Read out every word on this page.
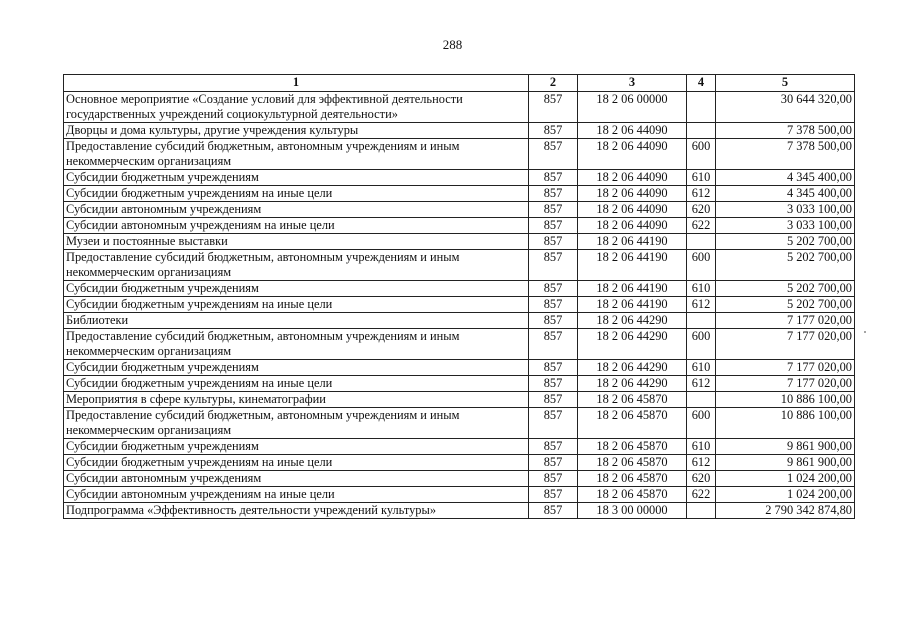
288
1	2	3	4	5
Основное мероприятие «Создание условий для эффективной деятельности государственных учреждений социокультурной деятельности»	857	18 2 06 00000		30 644 320,00
Дворцы и дома культуры, другие учреждения культуры	857	18 2 06 44090		7 378 500,00
Предоставление субсидий бюджетным, автономным учреждениям и иным некоммерческим организациям	857	18 2 06 44090	600	7 378 500,00
Субсидии бюджетным учреждениям	857	18 2 06 44090	610	4 345 400,00
Субсидии бюджетным учреждениям на иные цели	857	18 2 06 44090	612	4 345 400,00
Субсидии автономным учреждениям	857	18 2 06 44090	620	3 033 100,00
Субсидии автономным учреждениям на иные цели	857	18 2 06 44090	622	3 033 100,00
Музеи и постоянные выставки	857	18 2 06 44190		5 202 700,00
Предоставление субсидий бюджетным, автономным учреждениям и иным некоммерческим организациям	857	18 2 06 44190	600	5 202 700,00
Субсидии бюджетным учреждениям	857	18 2 06 44190	610	5 202 700,00
Субсидии бюджетным учреждениям на иные цели	857	18 2 06 44190	612	5 202 700,00
Библиотеки	857	18 2 06 44290		7 177 020,00
Предоставление субсидий бюджетным, автономным учреждениям и иным некоммерческим организациям	857	18 2 06 44290	600	7 177 020,00
Субсидии бюджетным учреждениям	857	18 2 06 44290	610	7 177 020,00
Субсидии бюджетным учреждениям на иные цели	857	18 2 06 44290	612	7 177 020,00
Мероприятия в сфере культуры, кинематографии	857	18 2 06 45870		10 886 100,00
Предоставление субсидий бюджетным, автономным учреждениям и иным некоммерческим организациям	857	18 2 06 45870	600	10 886 100,00
Субсидии бюджетным учреждениям	857	18 2 06 45870	610	9 861 900,00
Субсидии бюджетным учреждениям на иные цели	857	18 2 06 45870	612	9 861 900,00
Субсидии автономным учреждениям	857	18 2 06 45870	620	1 024 200,00
Субсидии автономным учреждениям на иные цели	857	18 2 06 45870	622	1 024 200,00
Подпрограмма «Эффективность деятельности учреждений культуры»	857	18 3 00 00000		2 790 342 874,80
